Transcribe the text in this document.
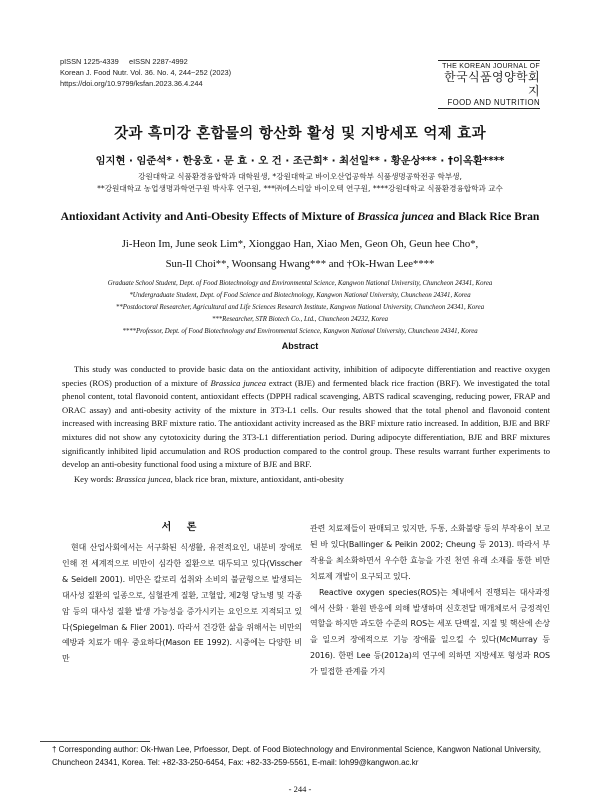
pISSN 1225-4339     eISSN 2287-4992
Korean J. Food Nutr. Vol. 36. No. 4, 244~252 (2023)
https://doi.org/10.9799/ksfan.2023.36.4.244
THE KOREAN JOURNAL OF
한국식품영양학회지
FOOD AND NUTRITION
갓과 흑미강 혼합물의 항산화 활성 및 지방세포 억제 효과
임지현 · 임준석* · 한웅호 · 문 효 · 오 건 · 조근희* · 최선일** · 황운상*** · †이옥환****
강원대학교 식품환경융합학과 대학원생, *강원대학교 바이오산업공학부 식품생명공학전공 학부생,
**강원대학교 농업생명과학연구원 박사후 연구원, ***㈜에스티알 바이오텍 연구원, ****강원대학교 식품환경융합학과 교수
Antioxidant Activity and Anti-Obesity Effects of Mixture of Brassica juncea and Black Rice Bran
Ji-Heon Im, June seok Lim*, Xionggao Han, Xiao Men, Geon Oh, Geun hee Cho*,
Sun-Il Choi**, Woonsang Hwang*** and †Ok-Hwan Lee****
Graduate School Student, Dept. of Food Biotechnology and Environmental Science, Kangwon National University, Chuncheon 24341, Korea
*Undergraduate Student, Dept. of Food Science and Biotechnology, Kangwon National University, Chuncheon 24341, Korea
**Postdoctoral Researcher, Agricultural and Life Sciences Research Institute, Kangwon National University, Chuncheon 24341, Korea
***Researcher, STR Biotech Co., Ltd., Chuncheon 24232, Korea
****Professor, Dept. of Food Biotechnology and Environmental Science, Kangwon National University, Chuncheon 24341, Korea
Abstract
This study was conducted to provide basic data on the antioxidant activity, inhibition of adipocyte differentiation and reactive oxygen species (ROS) production of a mixture of Brassica juncea extract (BJE) and fermented black rice fraction (BRF). We investigated the total phenol content, total flavonoid content, antioxidant effects (DPPH radical scavenging, ABTS radical scavenging, reducing power, FRAP and ORAC assay) and anti-obesity activity of the mixture in 3T3-L1 cells. Our results showed that the total phenol and flavonoid content increased with increasing BRF mixture ratio. The antioxidant activity increased as the BRF mixture ratio increased. In addition, BJE and BRF mixtures did not show any cytotoxicity during the 3T3-L1 differentiation period. During adipocyte differentiation, BJE and BRF mixtures significantly inhibited lipid accumulation and ROS production compared to the control group. These results warrant further experiments to develop an anti-obesity functional food using a mixture of BJE and BRF.
Key words: Brassica juncea, black rice bran, mixture, antioxidant, anti-obesity
서 론
현대 산업사회에서는 서구화된 식생활, 유전적요인, 내분비 장애로 인해 전 세계적으로 비만이 심각한 질환으로 대두되고 있다(Visscher & Seidell 2001). 비만은 칼로리 섭취와 소비의 불균형으로 발생되는 대사성 질환의 일종으로, 심혈관계 질환, 고혈압, 제2형 당뇨병 및 각종 암 등의 대사성 질환 발생 가능성을 증가시키는 요인으로 지적되고 있다(Spiegelman & Flier 2001). 따라서 건강한 삶을 위해서는 비만의 예방과 치료가 매우 중요하다(Mason EE 1992). 시중에는 다양한 비만
관련 치료제들이 판매되고 있지만, 두통, 소화불량 등의 부작용이 보고된 바 있다(Ballinger & Peikin 2002; Cheung 등 2013). 따라서 부작용을 최소화하면서 우수한 효능을 가진 천연 유래 소재를 통한 비만 치료제 개발이 요구되고 있다.
Reactive oxygen species(ROS)는 체내에서 진행되는 대사과정에서 산화 · 환원 반응에 의해 발생하며 신호전달 매개체로서 긍정적인 역할을 하지만 과도한 수준의 ROS는 세포 단백질, 지질 및 핵산에 손상을 일으켜 장애적으로 기능 장애를 일으킬 수 있다(McMurray 등 2016). 한편 Lee 등(2012a)의 연구에 의하면 지방세포 형성과 ROS가 밀접한 관계를 가지
† Corresponding author: Ok-Hwan Lee, Prfoessor, Dept. of Food Biotechnology and Environmental Science, Kangwon National University, Chuncheon 24341, Korea. Tel: +82-33-250-6454, Fax: +82-33-259-5561, E-mail: loh99@kangwon.ac.kr
- 244 -
